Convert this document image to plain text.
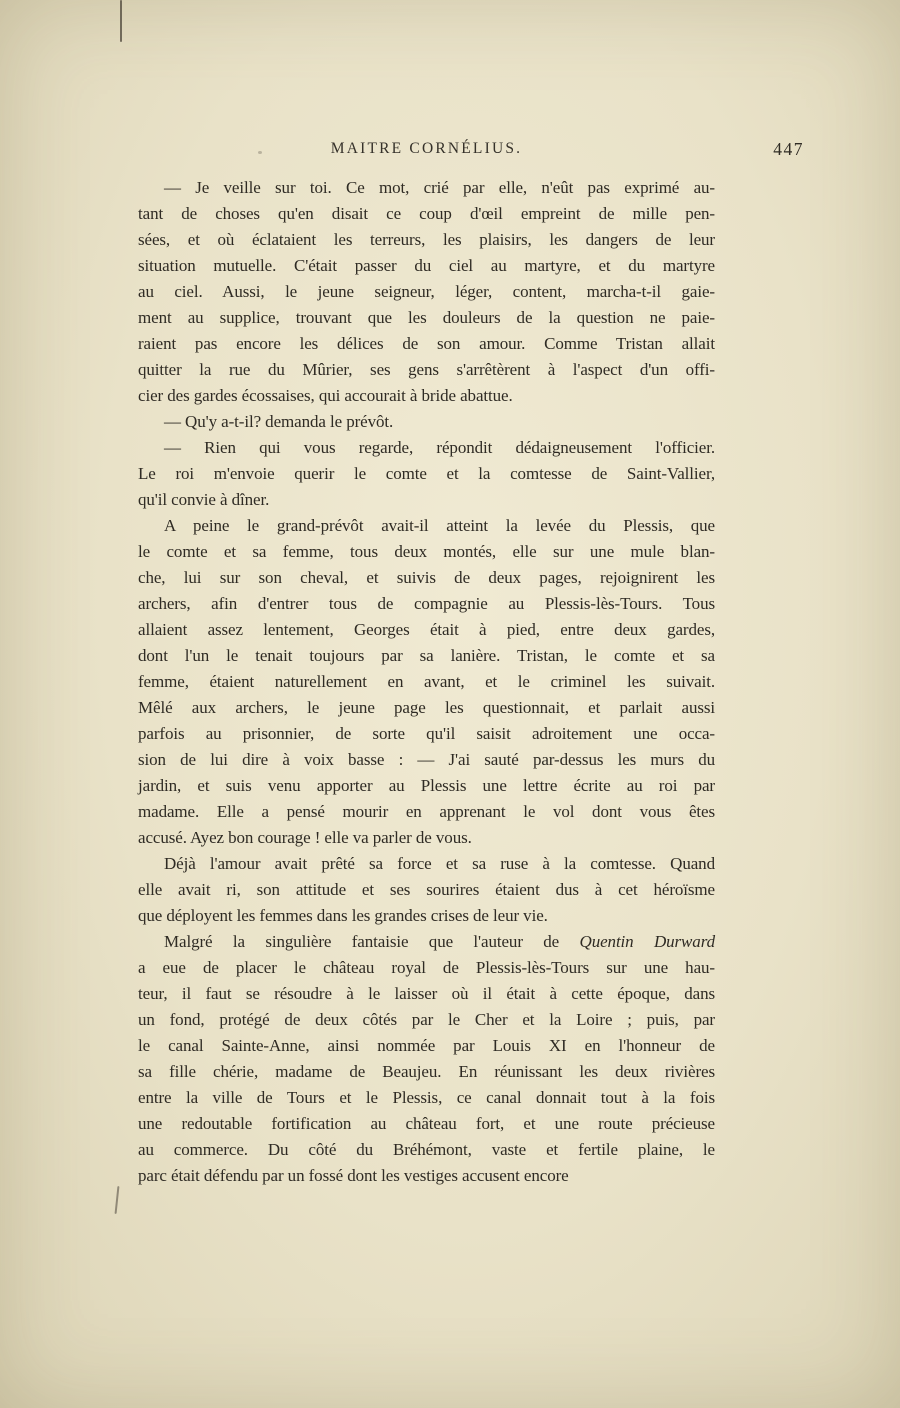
MAITRE CORNÉLIUS.	447
— Je veille sur toi. Ce mot, crié par elle, n'eût pas exprimé au-
tant de choses qu'en disait ce coup d'œil empreint de mille pen-
sées, et où éclataient les terreurs, les plaisirs, les dangers de leur
situation mutuelle. C'était passer du ciel au martyre, et du martyre
au ciel. Aussi, le jeune seigneur, léger, content, marcha-t-il gaie-
ment au supplice, trouvant que les douleurs de la question ne paie-
raient pas encore les délices de son amour. Comme Tristan allait
quitter la rue du Mûrier, ses gens s'arrêtèrent à l'aspect d'un offi-
cier des gardes écossaises, qui accourait à bride abattue.
— Qu'y a-t-il? demanda le prévôt.
— Rien qui vous regarde, répondit dédaigneusement l'officier.
Le roi m'envoie querir le comte et la comtesse de Saint-Vallier,
qu'il convie à dîner.
A peine le grand-prévôt avait-il atteint la levée du Plessis, que
le comte et sa femme, tous deux montés, elle sur une mule blan-
che, lui sur son cheval, et suivis de deux pages, rejoignirent les
archers, afin d'entrer tous de compagnie au Plessis-lès-Tours. Tous
allaient assez lentement, Georges était à pied, entre deux gardes,
dont l'un le tenait toujours par sa lanière. Tristan, le comte et sa
femme, étaient naturellement en avant, et le criminel les suivait.
Mêlé aux archers, le jeune page les questionnait, et parlait aussi
parfois au prisonnier, de sorte qu'il saisit adroitement une occa-
sion de lui dire à voix basse : — J'ai sauté par-dessus les murs du
jardin, et suis venu apporter au Plessis une lettre écrite au roi par
madame. Elle a pensé mourir en apprenant le vol dont vous êtes
accusé. Ayez bon courage ! elle va parler de vous.
Déjà l'amour avait prêté sa force et sa ruse à la comtesse. Quand
elle avait ri, son attitude et ses sourires étaient dus à cet héroïsme
que déployent les femmes dans les grandes crises de leur vie.
Malgré la singulière fantaisie que l'auteur de Quentin Durward
a eue de placer le château royal de Plessis-lès-Tours sur une hau-
teur, il faut se résoudre à le laisser où il était à cette époque, dans
un fond, protégé de deux côtés par le Cher et la Loire ; puis, par
le canal Sainte-Anne, ainsi nommée par Louis XI en l'honneur de
sa fille chérie, madame de Beaujeu. En réunissant les deux rivières
entre la ville de Tours et le Plessis, ce canal donnait tout à la fois
une redoutable fortification au château fort, et une route précieuse
au commerce. Du côté du Bréhémont, vaste et fertile plaine, le
parc était défendu par un fossé dont les vestiges accusent encore
